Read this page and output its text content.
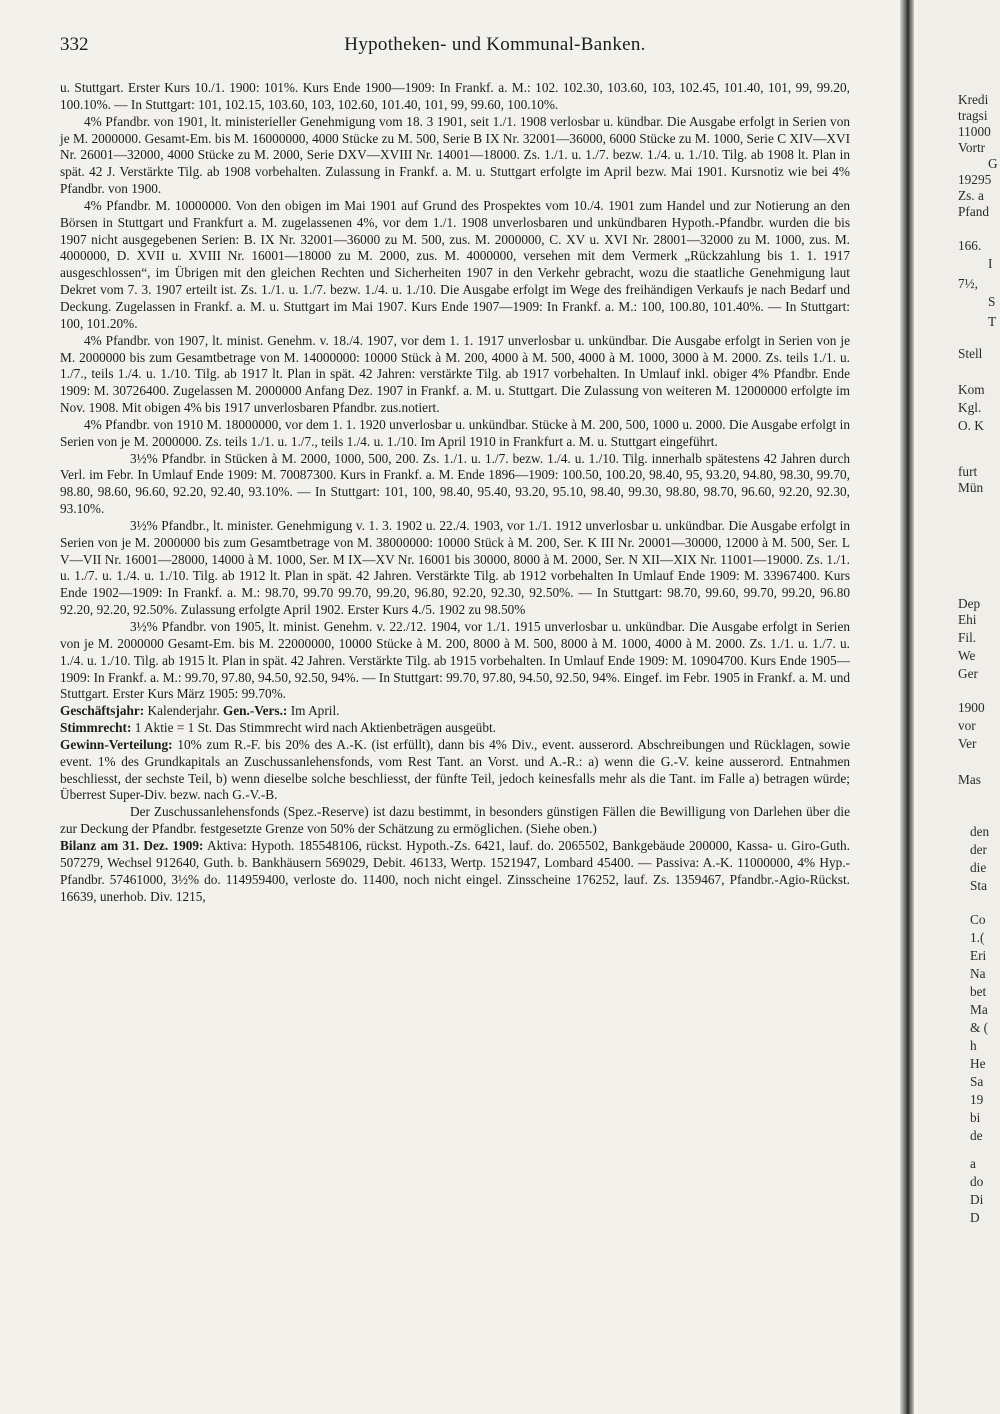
332	Hypotheken- und Kommunal-Banken.

u. Stuttgart. Erster Kurs 10./1. 1900: 101%. Kurs Ende 1900—1909: In Frankf. a. M.: 102. 102.30, 103.60, 103, 102.45, 101.40, 101, 99, 99.20, 100.10%. — In Stuttgart: 101, 102.15, 103.60, 103, 102.60, 101.40, 101, 99, 99.60, 100.10%.

4% Pfandbr. von 1901, lt. ministerieller Genehmigung vom 18. 3 1901, seit 1./1. 1908 verlosbar u. kündbar. Die Ausgabe erfolgt in Serien von je M. 2000000. Gesamt-Em. bis M. 16000000, 4000 Stücke zu M. 500, Serie B IX Nr. 32001—36000, 6000 Stücke zu M. 1000, Serie C XIV—XVI Nr. 26001—32000, 4000 Stücke zu M. 2000, Serie DXV—XVIII Nr. 14001—18000. Zs. 1./1. u. 1./7. bezw. 1./4. u. 1./10. Tilg. ab 1908 lt. Plan in spät. 42 J. Verstärkte Tilg. ab 1908 vorbehalten. Zulassung in Frankf. a. M. u. Stuttgart erfolgte im April bezw. Mai 1901. Kursnotiz wie bei 4% Pfandbr. von 1900.

4% Pfandbr. M. 10000000. Von den obigen im Mai 1901 auf Grund des Prospektes vom 10./4. 1901 zum Handel und zur Notierung an den Börsen in Stuttgart und Frankfurt a. M. zugelassenen 4%, vor dem 1./1. 1908 unverlosbaren und unkündbaren Hypoth.-Pfandbr. wurden die bis 1907 nicht ausgegebenen Serien: B. IX Nr. 32001—36000 zu M. 500, zus. M. 2000000, C. XV u. XVI Nr. 28001—32000 zu M. 1000, zus. M. 4000000, D. XVII u. XVIII Nr. 16001—18000 zu M. 2000, zus. M. 4000000, versehen mit dem Vermerk „Rückzahlung bis 1. 1. 1917 ausgeschlossen“, im Übrigen mit den gleichen Rechten und Sicherheiten 1907 in den Verkehr gebracht, wozu die staatliche Genehmigung laut Dekret vom 7. 3. 1907 erteilt ist. Zs. 1./1. u. 1./7. bezw. 1./4. u. 1./10. Die Ausgabe erfolgt im Wege des freihändigen Verkaufs je nach Bedarf und Deckung. Zugelassen in Frankf. a. M. u. Stuttgart im Mai 1907. Kurs Ende 1907—1909: In Frankf. a. M.: 100, 100.80, 101.40%. — In Stuttgart: 100, 101.20%.

4% Pfandbr. von 1907, lt. minist. Genehm. v. 18./4. 1907, vor dem 1. 1. 1917 unverlosbar u. unkündbar. Die Ausgabe erfolgt in Serien von je M. 2000000 bis zum Gesamtbetrage von M. 14000000: 10000 Stück à M. 200, 4000 à M. 500, 4000 à M. 1000, 3000 à M. 2000. Zs. teils 1./1. u. 1./7., teils 1./4. u. 1./10. Tilg. ab 1917 lt. Plan in spät. 42 Jahren: verstärkte Tilg. ab 1917 vorbehalten. In Umlauf inkl. obiger 4% Pfandbr. Ende 1909: M. 30726400. Zugelassen M. 2000000 Anfang Dez. 1907 in Frankf. a. M. u. Stuttgart. Die Zulassung von weiteren M. 12000000 erfolgte im Nov. 1908. Mit obigen 4% bis 1917 unverlosbaren Pfandbr. zus.notiert.

4% Pfandbr. von 1910 M. 18000000, vor dem 1. 1. 1920 unverlosbar u. unkündbar. Stücke à M. 200, 500, 1000 u. 2000. Die Ausgabe erfolgt in Serien von je M. 2000000. Zs. teils 1./1. u. 1./7., teils 1./4. u. 1./10. Im April 1910 in Frankfurt a. M. u. Stuttgart eingeführt.

3½% Pfandbr. in Stücken à M. 2000, 1000, 500, 200. Zs. 1./1. u. 1./7. bezw. 1./4. u. 1./10. Tilg. innerhalb spätestens 42 Jahren durch Verl. im Febr. In Umlauf Ende 1909: M. 70087300. Kurs in Frankf. a. M. Ende 1896—1909: 100.50, 100.20, 98.40, 95, 93.20, 94.80, 98.30, 99.70, 98.80, 98.60, 96.60, 92.20, 92.40, 93.10%. — In Stuttgart: 101, 100, 98.40, 95.40, 93.20, 95.10, 98.40, 99.30, 98.80, 98.70, 96.60, 92.20, 92.30, 93.10%.

3½% Pfandbr., lt. minister. Genehmigung v. 1. 3. 1902 u. 22./4. 1903, vor 1./1. 1912 unverlosbar u. unkündbar. Die Ausgabe erfolgt in Serien von je M. 2000000 bis zum Gesamtbetrage von M. 38000000: 10000 Stück à M. 200, Ser. K III Nr. 20001—30000, 12000 à M. 500, Ser. L V—VII Nr. 16001—28000, 14000 à M. 1000, Ser. M IX—XV Nr. 16001 bis 30000, 8000 à M. 2000, Ser. N XII—XIX Nr. 11001—19000. Zs. 1./1. u. 1./7. u. 1./4. u. 1./10. Tilg. ab 1912 lt. Plan in spät. 42 Jahren. Verstärkte Tilg. ab 1912 vorbehalten In Umlauf Ende 1909: M. 33967400. Kurs Ende 1902—1909: In Frankf. a. M.: 98.70, 99.70 99.70, 99.20, 96.80, 92.20, 92.30, 92.50%. — In Stuttgart: 98.70, 99.60, 99.70, 99.20, 96.80 92.20, 92.20, 92.50%. Zulassung erfolgte April 1902. Erster Kurs 4./5. 1902 zu 98.50%

3½% Pfandbr. von 1905, lt. minist. Genehm. v. 22./12. 1904, vor 1./1. 1915 unverlosbar u. unkündbar. Die Ausgabe erfolgt in Serien von je M. 2000000 Gesamt-Em. bis M. 22000000, 10000 Stücke à M. 200, 8000 à M. 500, 8000 à M. 1000, 4000 à M. 2000. Zs. 1./1. u. 1./7. u. 1./4. u. 1./10. Tilg. ab 1915 lt. Plan in spät. 42 Jahren. Verstärkte Tilg. ab 1915 vorbehalten. In Umlauf Ende 1909: M. 10904700. Kurs Ende 1905—1909: In Frankf. a. M.: 99.70, 97.80, 94.50, 92.50, 94%. — In Stuttgart: 99.70, 97.80, 94.50, 92.50, 94%. Eingef. im Febr. 1905 in Frankf. a. M. und Stuttgart. Erster Kurs März 1905: 99.70%.

Geschäftsjahr: Kalenderjahr. Gen.-Vers.: Im April.

Stimmrecht: 1 Aktie = 1 St. Das Stimmrecht wird nach Aktienbeträgen ausgeübt.

Gewinn-Verteilung: 10% zum R.-F. bis 20% des A.-K. (ist erfüllt), dann bis 4% Div., event. ausserord. Abschreibungen und Rücklagen, sowie event. 1% des Grundkapitals an Zuschussanlehensfonds, vom Rest Tant. an Vorst. und A.-R.: a) wenn die G.-V. keine ausserord. Entnahmen beschliesst, der sechste Teil, b) wenn dieselbe solche beschliesst, der fünfte Teil, jedoch keinesfalls mehr als die Tant. im Falle a) betragen würde; Überrest Super-Div. bezw. nach G.-V.-B.

Der Zuschussanlehensfonds (Spez.-Reserve) ist dazu bestimmt, in besonders günstigen Fällen die Bewilligung von Darlehen über die zur Deckung der Pfandbr. festgesetzte Grenze von 50% der Schätzung zu ermöglichen. (Siehe oben.)

Bilanz am 31. Dez. 1909: Aktiva: Hypoth. 185548106, rückst. Hypoth.-Zs. 6421, lauf. do. 2065502, Bankgebäude 200000, Kassa- u. Giro-Guth. 507279, Wechsel 912640, Guth. b. Bankhäusern 569029, Debit. 46133, Wertp. 1521947, Lombard 45400. — Passiva: A.-K. 11000000, 4% Hyp.-Pfandbr. 57461000, 3½% do. 114959400, verloste do. 11400, noch nicht eingel. Zinsscheine 176252, lauf. Zs. 1359467, Pfandbr.-Agio-Rückst. 16639, unerhob. Div. 1215,

Kredi
tragsi
11000
Vortr
G
19295
Zs. a
Pfand
166.
I
7½,
S
T
Stell
Kom
Kgl.
O. K
furt
Mün
Dep
Ehi
Fil.
We
Ger
1900
vor
Ver
Mas
den
der
die
Sta
Co
1.(
Eri
Na
bet
Ma
& (
h
He
Sa
19
bi
de
a
do
Di
D
